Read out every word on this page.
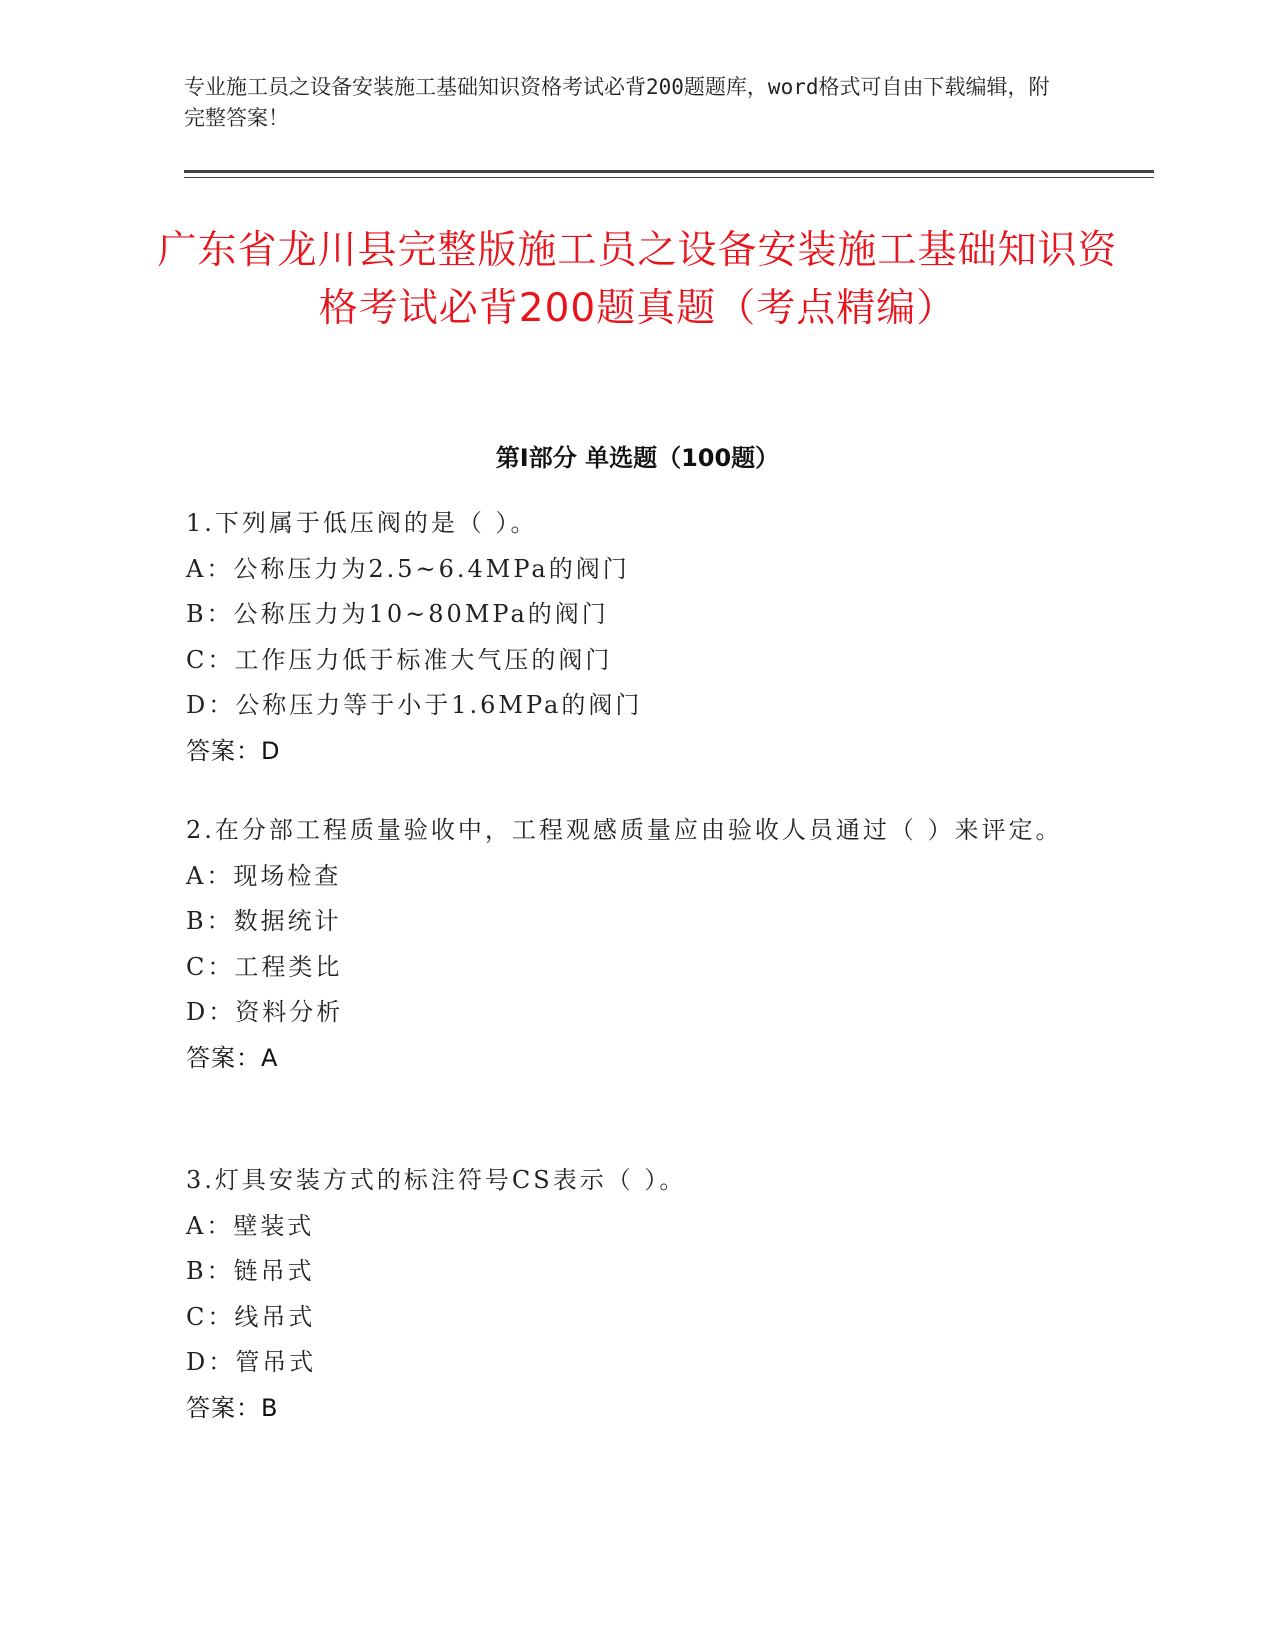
专业施工员之设备安装施工基础知识资格考试必背200题题库，word格式可自由下载编辑，附完整答案！
广东省龙川县完整版施工员之设备安装施工基础知识资格考试必背200题真题（考点精编）
第Ⅰ部分 单选题（100题）
1.下列属于低压阀的是（ ）。
A：公称压力为2.5~6.4MPa的阀门
B：公称压力为10~80MPa的阀门
C：工作压力低于标准大气压的阀门
D：公称压力等于小于1.6MPa的阀门
答案：D
2.在分部工程质量验收中，工程观感质量应由验收人员通过（ ）来评定。
A：现场检查
B：数据统计
C：工程类比
D：资料分析
答案：A
3.灯具安装方式的标注符号CS表示（ ）。
A：壁装式
B：链吊式
C：线吊式
D：管吊式
答案：B
